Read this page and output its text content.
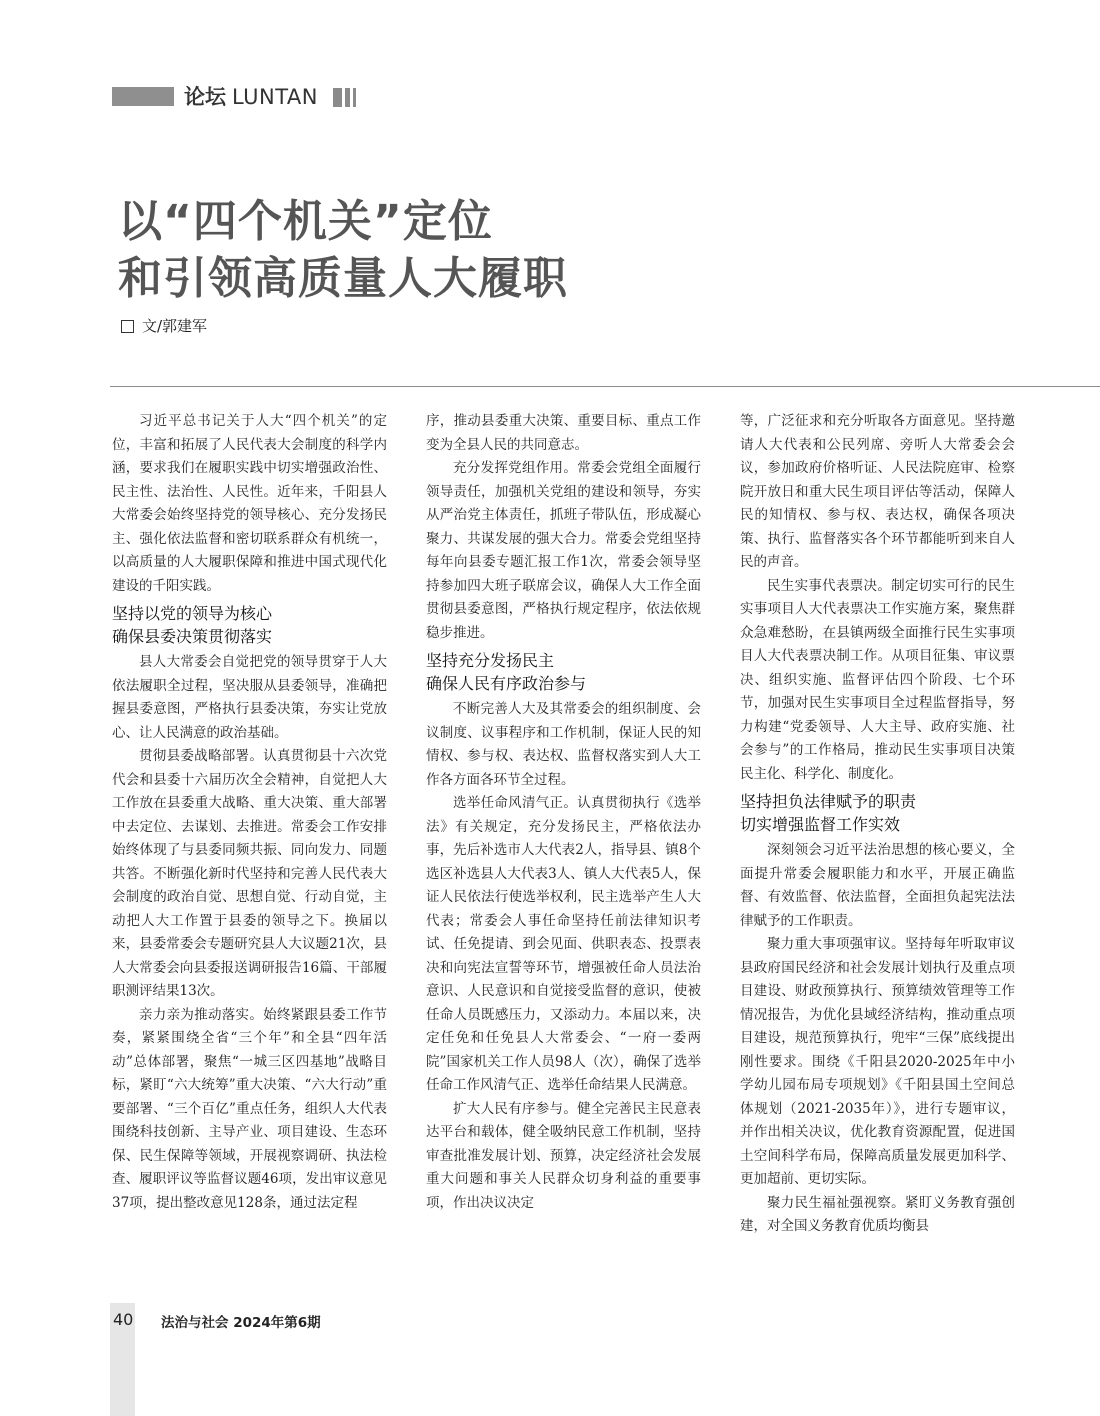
论坛 LUNTAN
以“四个机关”定位
和引领高质量人大履职
文/郭建军

习近平总书记关于人大“四个机关”的定位，丰富和拓展了人民代表大会制度的科学内涵，要求我们在履职实践中切实增强政治性、民主性、法治性、人民性。近年来，千阳县人大常委会始终坚持党的领导核心、充分发扬民主、强化依法监督和密切联系群众有机统一，以高质量的人大履职保障和推进中国式现代化建设的千阳实践。

坚持以党的领导为核心
确保县委决策贯彻落实

县人大常委会自觉把党的领导贯穿于人大依法履职全过程，坚决服从县委领导，准确把握县委意图，严格执行县委决策，夯实让党放心、让人民满意的政治基础。

贯彻县委战略部署。认真贯彻县十六次党代会和县委十六届历次全会精神，自觉把人大工作放在县委重大战略、重大决策、重大部署中去定位、去谋划、去推进。常委会工作安排始终体现了与县委同频共振、同向发力、同题共答。不断强化新时代坚持和完善人民代表大会制度的政治自觉、思想自觉、行动自觉，主动把人大工作置于县委的领导之下。换届以来，县委常委会专题研究县人大议题21次，县人大常委会向县委报送调研报告16篇、干部履职测评结果13次。

亲力亲为推动落实。始终紧跟县委工作节奏，紧紧围绕全省“三个年”和全县“四年活动”总体部署，聚焦“一城三区四基地”战略目标，紧盯“六大统筹”重大决策、“六大行动”重要部署、“三个百亿”重点任务，组织人大代表围绕科技创新、主导产业、项目建设、生态环保、民生保障等领域，开展视察调研、执法检查、履职评议等监督议题46项，发出审议意见37项，提出整改意见128条，通过法定程

序，推动县委重大决策、重要目标、重点工作变为全县人民的共同意志。

充分发挥党组作用。常委会党组全面履行领导责任，加强机关党组的建设和领导，夯实从严治党主体责任，抓班子带队伍，形成凝心聚力、共谋发展的强大合力。常委会党组坚持每年向县委专题汇报工作1次，常委会领导坚持参加四大班子联席会议，确保人大工作全面贯彻县委意图，严格执行规定程序，依法依规稳步推进。

坚持充分发扬民主
确保人民有序政治参与

不断完善人大及其常委会的组织制度、会议制度、议事程序和工作机制，保证人民的知情权、参与权、表达权、监督权落实到人大工作各方面各环节全过程。

选举任命风清气正。认真贯彻执行《选举法》有关规定，充分发扬民主，严格依法办事，先后补选市人大代表2人，指导县、镇8个选区补选县人大代表3人、镇人大代表5人，保证人民依法行使选举权利，民主选举产生人大代表；常委会人事任命坚持任前法律知识考试、任免提请、到会见面、供职表态、投票表决和向宪法宣誓等环节，增强被任命人员法治意识、人民意识和自觉接受监督的意识，使被任命人员既感压力，又添动力。本届以来，决定任免和任免县人大常委会、“一府一委两院”国家机关工作人员98人（次），确保了选举任命工作风清气正、选举任命结果人民满意。

扩大人民有序参与。健全完善民主民意表达平台和载体，健全吸纳民意工作机制，坚持审查批准发展计划、预算，决定经济社会发展重大问题和事关人民群众切身利益的重要事项，作出决议决定

等，广泛征求和充分听取各方面意见。坚持邀请人大代表和公民列席、旁听人大常委会会议，参加政府价格听证、人民法院庭审、检察院开放日和重大民生项目评估等活动，保障人民的知情权、参与权、表达权，确保各项决策、执行、监督落实各个环节都能听到来自人民的声音。

民生实事代表票决。制定切实可行的民生实事项目人大代表票决工作实施方案，聚焦群众急难愁盼，在县镇两级全面推行民生实事项目人大代表票决制工作。从项目征集、审议票决、组织实施、监督评估四个阶段、七个环节，加强对民生实事项目全过程监督指导，努力构建“党委领导、人大主导、政府实施、社会参与”的工作格局，推动民生实事项目决策民主化、科学化、制度化。

坚持担负法律赋予的职责
切实增强监督工作实效

深刻领会习近平法治思想的核心要义，全面提升常委会履职能力和水平，开展正确监督、有效监督、依法监督，全面担负起宪法法律赋予的工作职责。

聚力重大事项强审议。坚持每年听取审议县政府国民经济和社会发展计划执行及重点项目建设、财政预算执行、预算绩效管理等工作情况报告，为优化县域经济结构，推动重点项目建设，规范预算执行，兜牢“三保”底线提出刚性要求。围绕《千阳县2020-2025年中小学幼儿园布局专项规划》《千阳县国土空间总体规划（2021-2035年）》，进行专题审议，并作出相关决议，优化教育资源配置，促进国土空间科学布局，保障高质量发展更加科学、更加超前、更切实际。

聚力民生福祉强视察。紧盯义务教育强创建，对全国义务教育优质均衡县

40 法治与社会 2024年第6期
